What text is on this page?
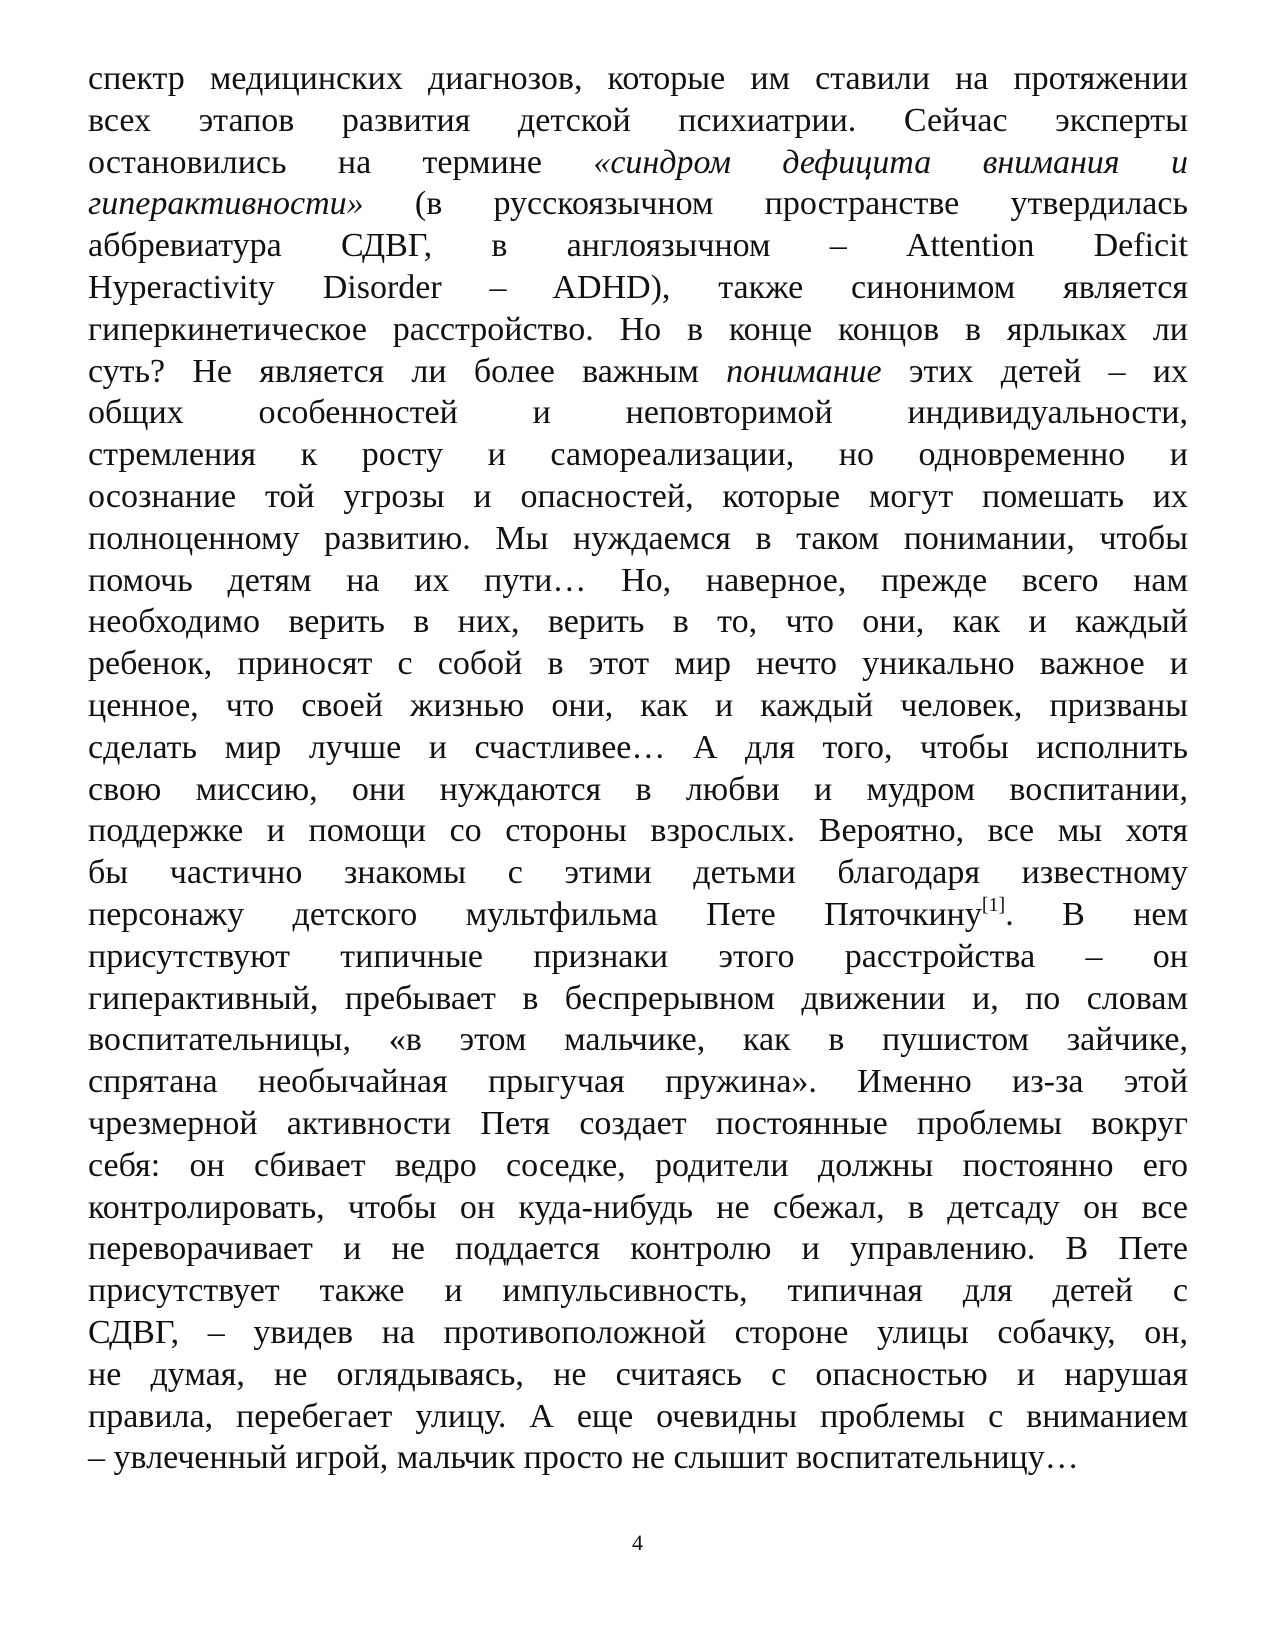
спектр медицинских диагнозов, которые им ставили на протяжении
всех этапов развития детской психиатрии. Сейчас эксперты
остановились на термине «синдром дефицита внимания и
гиперактивности» (в русскоязычном пространстве утвердилась
аббревиатура СДВГ, в англоязычном – Attention Deficit
Hyperactivity Disorder – ADHD), также синонимом является
гиперкинетическое расстройство. Но в конце концов в ярлыках ли
суть? Не является ли более важным понимание этих детей – их
общих особенностей и неповторимой индивидуальности,
стремления к росту и самореализации, но одновременно и
осознание той угрозы и опасностей, которые могут помешать их
полноценному развитию. Мы нуждаемся в таком понимании, чтобы
помочь детям на их пути… Но, наверное, прежде всего нам
необходимо верить в них, верить в то, что они, как и каждый
ребенок, приносят с собой в этот мир нечто уникально важное и
ценное, что своей жизнью они, как и каждый человек, призваны
сделать мир лучше и счастливее… А для того, чтобы исполнить
свою миссию, они нуждаются в любви и мудром воспитании,
поддержке и помощи со стороны взрослых. Вероятно, все мы хотя
бы частично знакомы с этими детьми благодаря известному
персонажу детского мультфильма Пете Пяточкину[1]. В нем
присутствуют типичные признаки этого расстройства – он
гиперактивный, пребывает в беспрерывном движении и, по словам
воспитательницы, «в этом мальчике, как в пушистом зайчике,
спрятана необычайная прыгучая пружина». Именно из-за этой
чрезмерной активности Петя создает постоянные проблемы вокруг
себя: он сбивает ведро соседке, родители должны постоянно его
контролировать, чтобы он куда-нибудь не сбежал, в детсаду он все
переворачивает и не поддается контролю и управлению. В Пете
присутствует также и импульсивность, типичная для детей с
СДВГ, – увидев на противоположной стороне улицы собачку, он,
не думая, не оглядываясь, не считаясь с опасностью и нарушая
правила, перебегает улицу. А еще очевидны проблемы с вниманием
– увлеченный игрой, мальчик просто не слышит воспитательницу…
4
